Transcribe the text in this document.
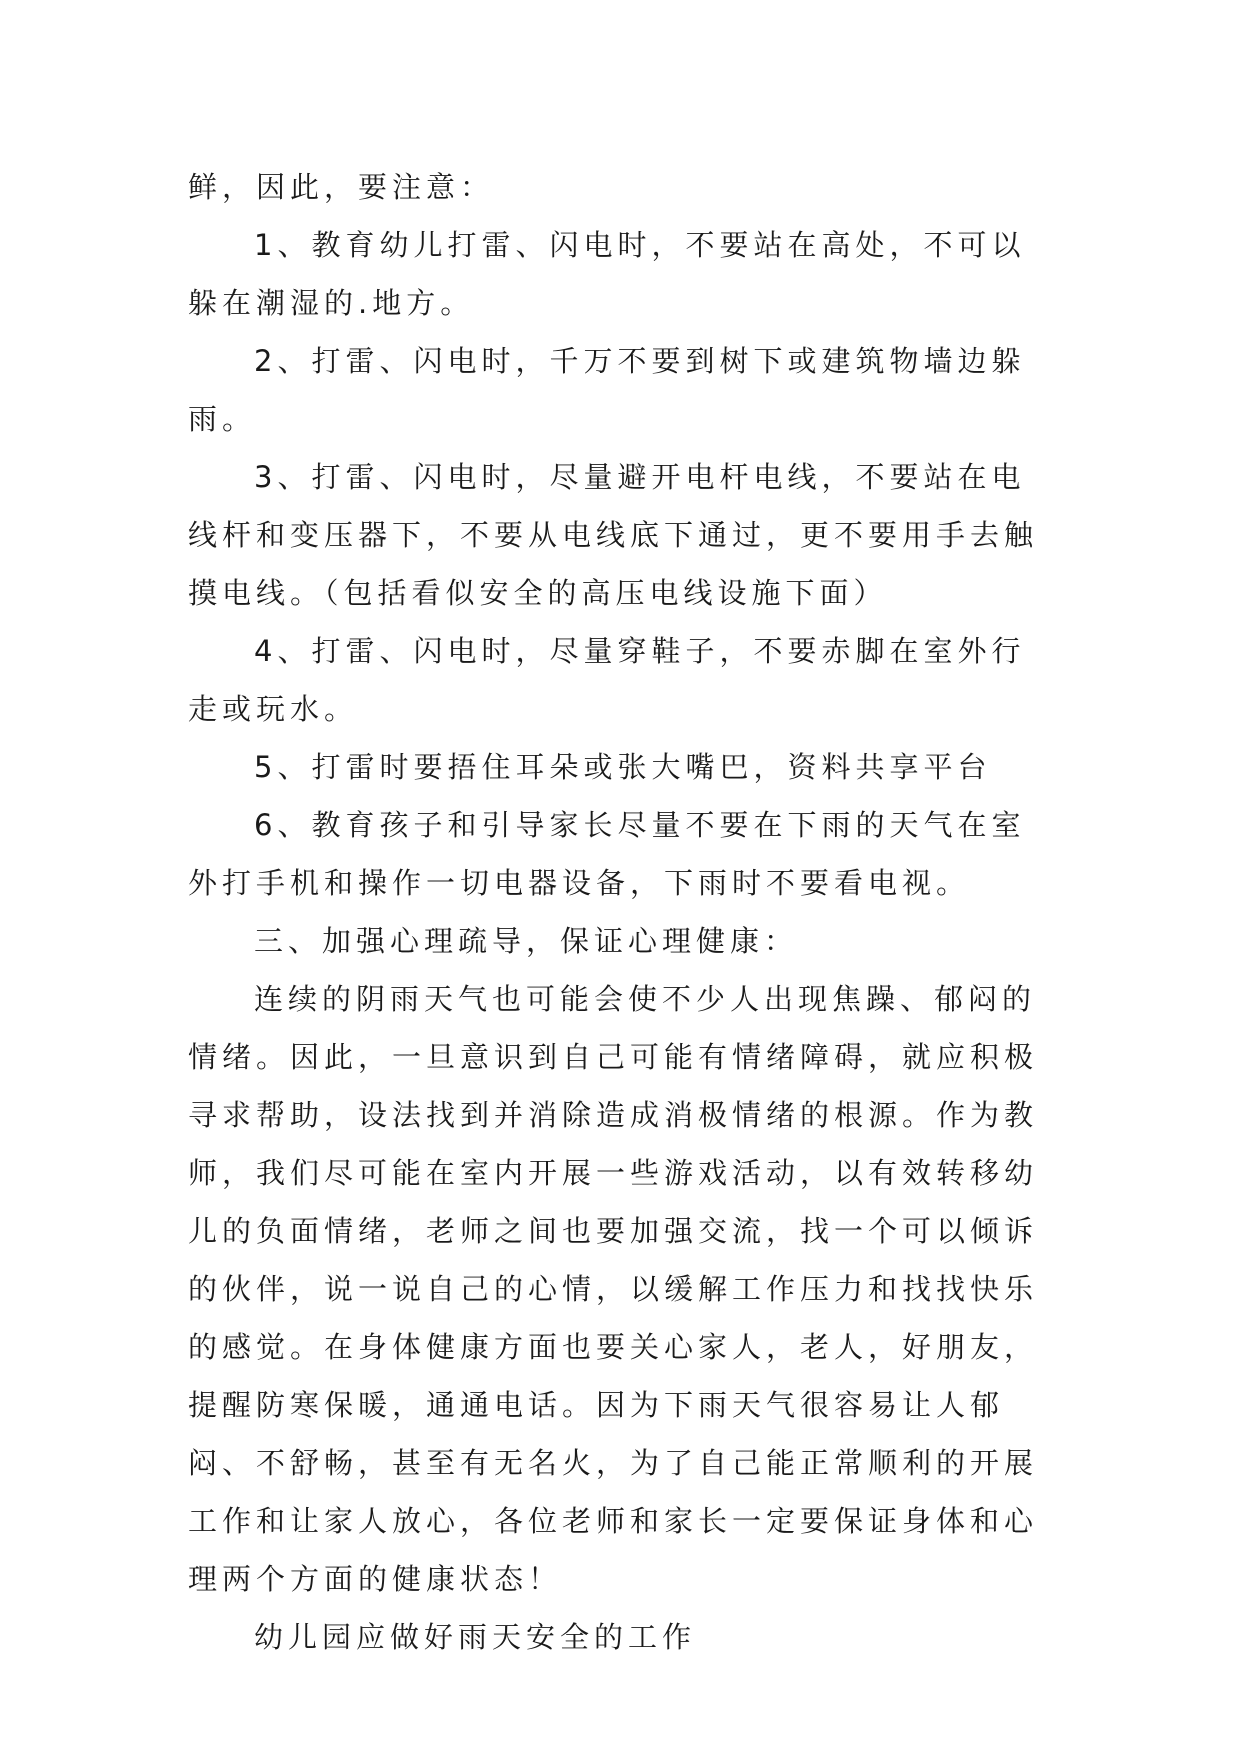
鲜，因此，要注意：

1、教育幼儿打雷、闪电时，不要站在高处，不可以躲在潮湿的.地方。

2、打雷、闪电时，千万不要到树下或建筑物墙边躲雨。

3、打雷、闪电时，尽量避开电杆电线，不要站在电线杆和变压器下，不要从电线底下通过，更不要用手去触摸电线。（包括看似安全的高压电线设施下面）

4、打雷、闪电时，尽量穿鞋子，不要赤脚在室外行走或玩水。

5、打雷时要捂住耳朵或张大嘴巴，资料共享平台

6、教育孩子和引导家长尽量不要在下雨的天气在室外打手机和操作一切电器设备，下雨时不要看电视。

三、加强心理疏导，保证心理健康：

连续的阴雨天气也可能会使不少人出现焦躁、郁闷的情绪。因此，一旦意识到自己可能有情绪障碍，就应积极寻求帮助，设法找到并消除造成消极情绪的根源。作为教师，我们尽可能在室内开展一些游戏活动，以有效转移幼儿的负面情绪，老师之间也要加强交流，找一个可以倾诉的伙伴，说一说自己的心情，以缓解工作压力和找找快乐的感觉。在身体健康方面也要关心家人，老人，好朋友，提醒防寒保暖，通通电话。因为下雨天气很容易让人郁闷、不舒畅，甚至有无名火，为了自己能正常顺利的开展工作和让家人放心，各位老师和家长一定要保证身体和心理两个方面的健康状态！

幼儿园应做好雨天安全的工作
